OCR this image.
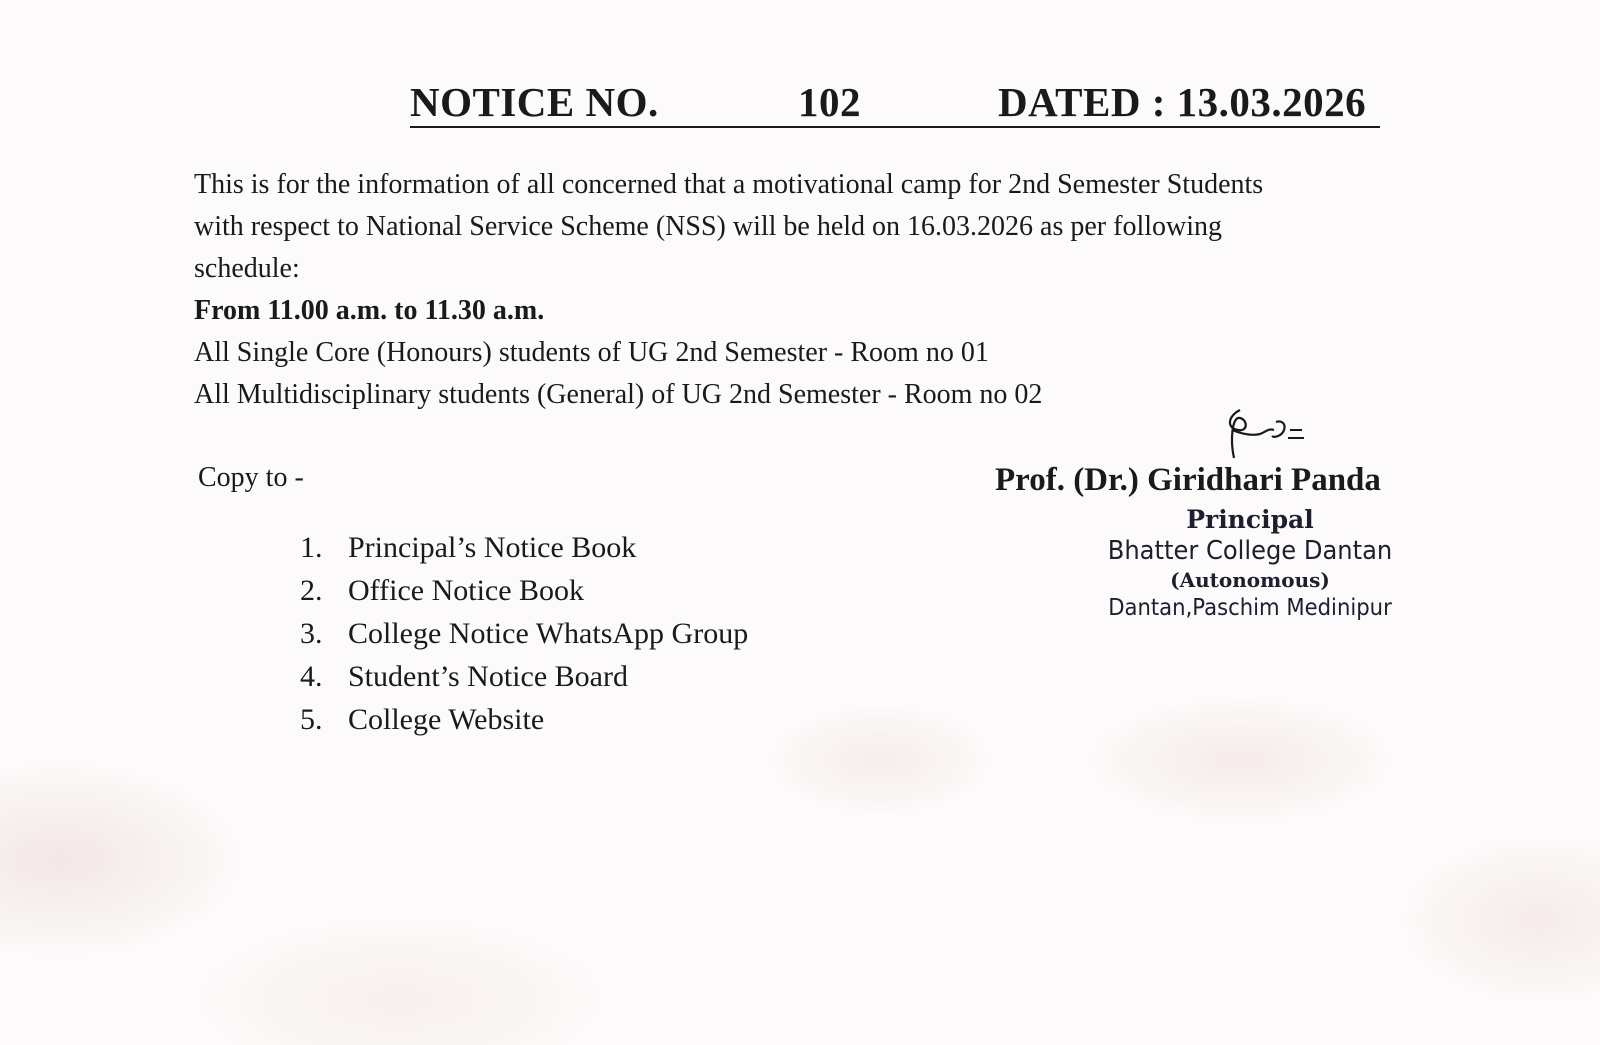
NOTICE NO.	102	DATED : 13.03.2026

This is for the information of all concerned that a motivational camp for 2nd Semester Students

with respect to National Service Scheme (NSS) will be held on 16.03.2026 as per following

schedule:

From 11.00 a.m. to 11.30 a.m.

All Single Core (Honours) students of UG 2nd Semester - Room no 01

All Multidisciplinary students (General) of UG 2nd Semester - Room no 02

Copy to -
1. Principal’s Notice Book
2. Office Notice Book
3. College Notice WhatsApp Group
4. Student’s Notice Board
5. College Website
Prof. (Dr.) Giridhari Panda
Principal
Bhatter College Dantan
(Autonomous)
Dantan,Paschim Medinipur
